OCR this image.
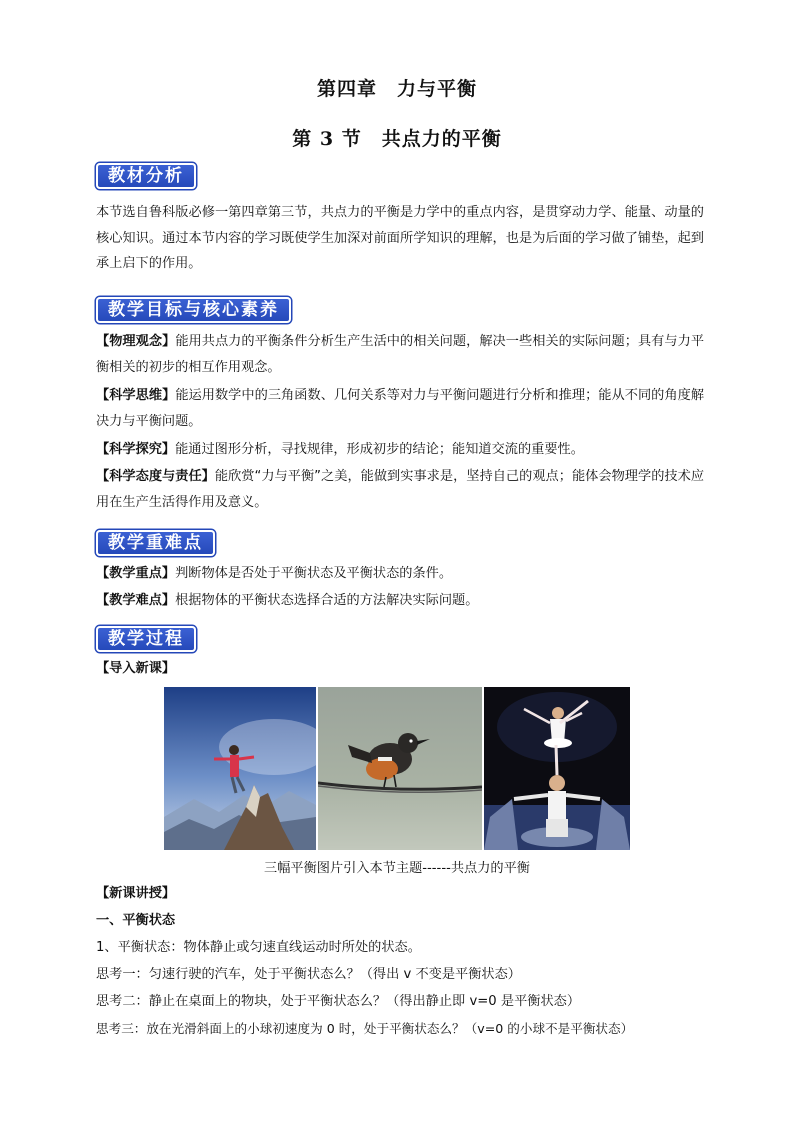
第四章　力与平衡
第 3 节　共点力的平衡
教材分析
本节选自鲁科版必修一第四章第三节，共点力的平衡是力学中的重点内容，是贯穿动力学、能量、动量的核心知识。通过本节内容的学习既使学生加深对前面所学知识的理解，也是为后面的学习做了铺垫，起到承上启下的作用。
教学目标与核心素养
【物理观念】能用共点力的平衡条件分析生产生活中的相关问题，解决一些相关的实际问题；具有与力平衡相关的初步的相互作用观念。
【科学思维】能运用数学中的三角函数、几何关系等对力与平衡问题进行分析和推理；能从不同的角度解决力与平衡问题。
【科学探究】能通过图形分析，寻找规律，形成初步的结论；能知道交流的重要性。
【科学态度与责任】能欣赏“力与平衡”之美，能做到实事求是，坚持自己的观点；能体会物理学的技术应用在生产生活得作用及意义。
教学重难点
【教学重点】判断物体是否处于平衡状态及平衡状态的条件。
【教学难点】根据物体的平衡状态选择合适的方法解决实际问题。
教学过程
【导入新课】
三幅平衡图片引入本节主题------共点力的平衡
【新课讲授】
一、平衡状态
1、平衡状态：物体静止或匀速直线运动时所处的状态。
思考一：匀速行驶的汽车，处于平衡状态么？（得出 v 不变是平衡状态）
思考二：静止在桌面上的物块，处于平衡状态么？（得出静止即 v=0 是平衡状态）
思考三：放在光滑斜面上的小球初速度为 0 时，处于平衡状态么？（v=0 的小球不是平衡状态）
